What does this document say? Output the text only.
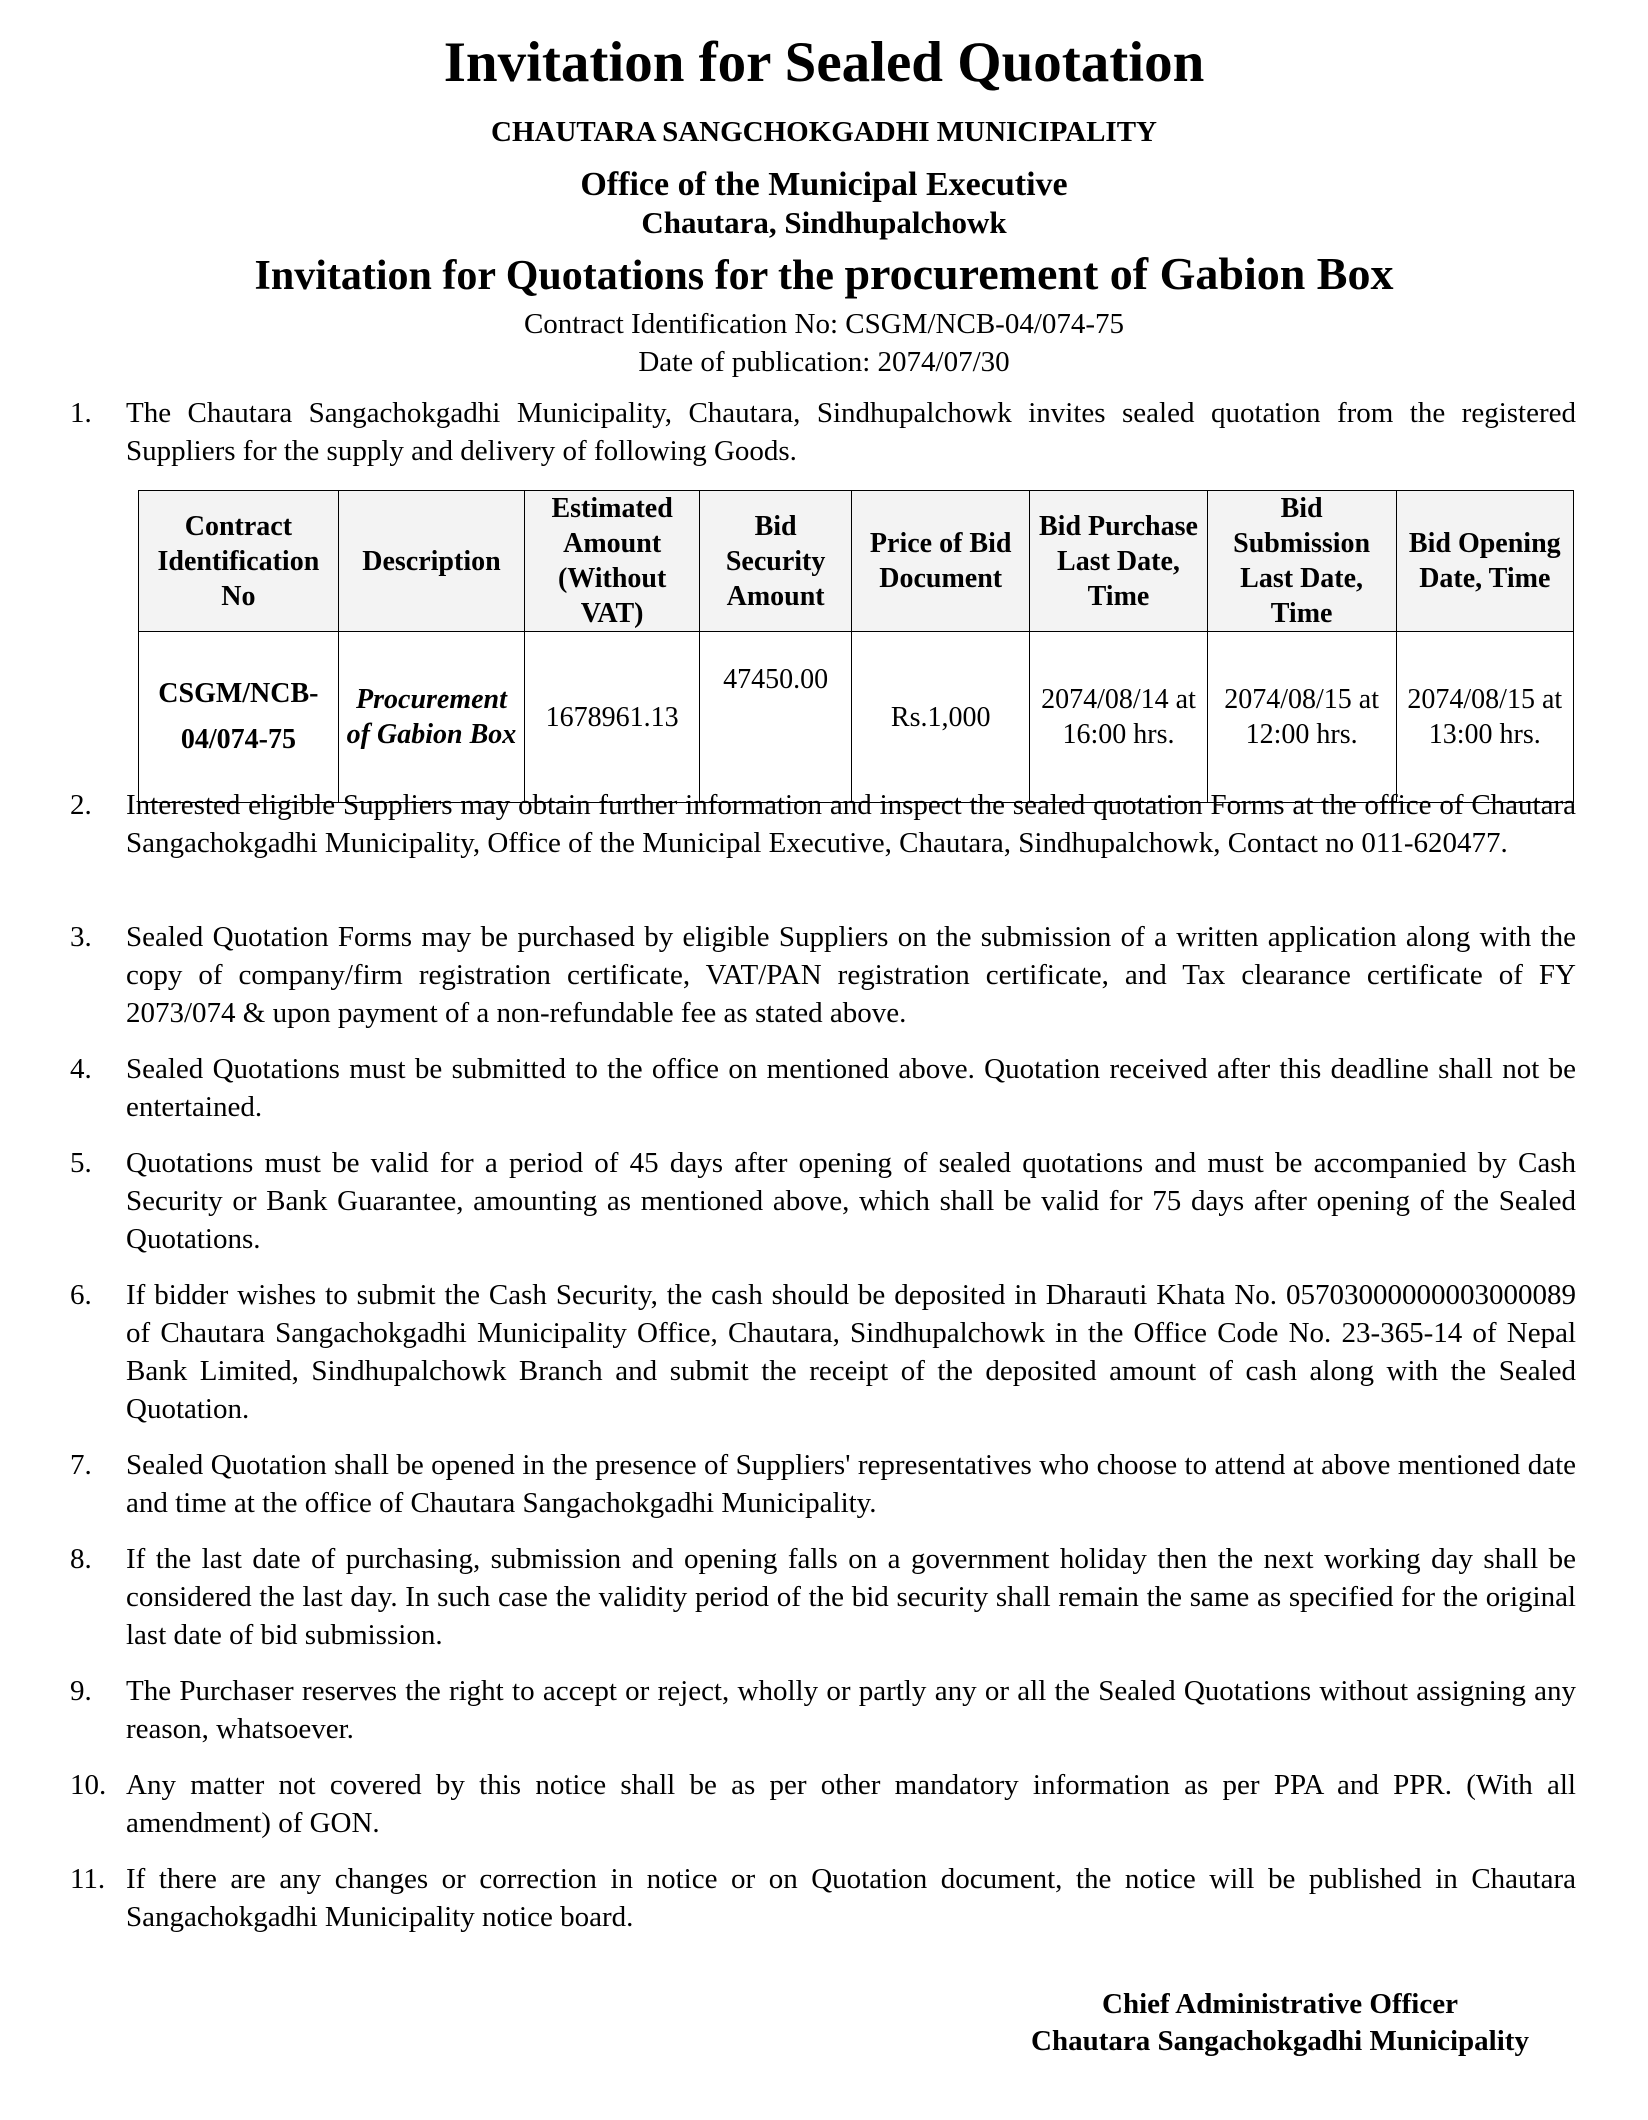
Invitation for Sealed Quotation
CHAUTARA SANGCHOKGADHI MUNICIPALITY
Office of the Municipal Executive
Chautara, Sindhupalchowk
Invitation for Quotations for the procurement of Gabion Box
Contract Identification No: CSGM/NCB-04/074-75
Date of publication: 2074/07/30
1.	The Chautara Sangachokgadhi Municipality, Chautara, Sindhupalchowk invites sealed quotation from the registered Suppliers for the supply and delivery of following Goods.
Contract Identification No	Description	Estimated Amount (Without VAT)	Bid Security Amount	Price of Bid Document	Bid Purchase Last Date, Time	Bid Submission Last Date, Time	Bid Opening Date, Time

CSGM/NCB-
04/074-75	Procurement of Gabion Box	1678961.13	47450.00	Rs.1,000	2074/08/14 at 16:00 hrs.	2074/08/15 at 12:00 hrs.	2074/08/15 at 13:00 hrs.
2.	Interested eligible Suppliers may obtain further information and inspect the sealed quotation Forms at the office of Chautara Sangachokgadhi Municipality, Office of the Municipal Executive, Chautara, Sindhupalchowk, Contact no 011-620477.
3.	Sealed Quotation Forms may be purchased by eligible Suppliers on the submission of a written application along with the copy of company/firm registration certificate, VAT/PAN registration certificate, and Tax clearance certificate of FY 2073/074 & upon payment of a non-refundable fee as stated above.
4.	Sealed Quotations must be submitted to the office on mentioned above. Quotation received after this deadline shall not be entertained.
5.	Quotations must be valid for a period of 45 days after opening of sealed quotations and must be accompanied by Cash Security or Bank Guarantee, amounting as mentioned above, which shall be valid for 75 days after opening of the Sealed Quotations.
6.	If bidder wishes to submit the Cash Security, the cash should be deposited in Dharauti Khata No. 05703000000003000089 of Chautara Sangachokgadhi Municipality Office, Chautara, Sindhupalchowk in the Office Code No. 23-365-14 of Nepal Bank Limited, Sindhupalchowk Branch and submit the receipt of the deposited amount of cash along with the Sealed Quotation.
7.	Sealed Quotation shall be opened in the presence of Suppliers' representatives who choose to attend at above mentioned date and time at the office of Chautara Sangachokgadhi Municipality.
8.	If the last date of purchasing, submission and opening falls on a government holiday then the next working day shall be considered the last day. In such case the validity period of the bid security shall remain the same as specified for the original last date of bid submission.
9.	The Purchaser reserves the right to accept or reject, wholly or partly any or all the Sealed Quotations without assigning any reason, whatsoever.
10. Any matter not covered by this notice shall be as per other mandatory information as per PPA and PPR. (With all amendment) of GON.
11. If there are any changes or correction in notice or on Quotation document, the notice will be published in Chautara Sangachokgadhi Municipality notice board.
Chief Administrative Officer
Chautara Sangachokgadhi Municipality
